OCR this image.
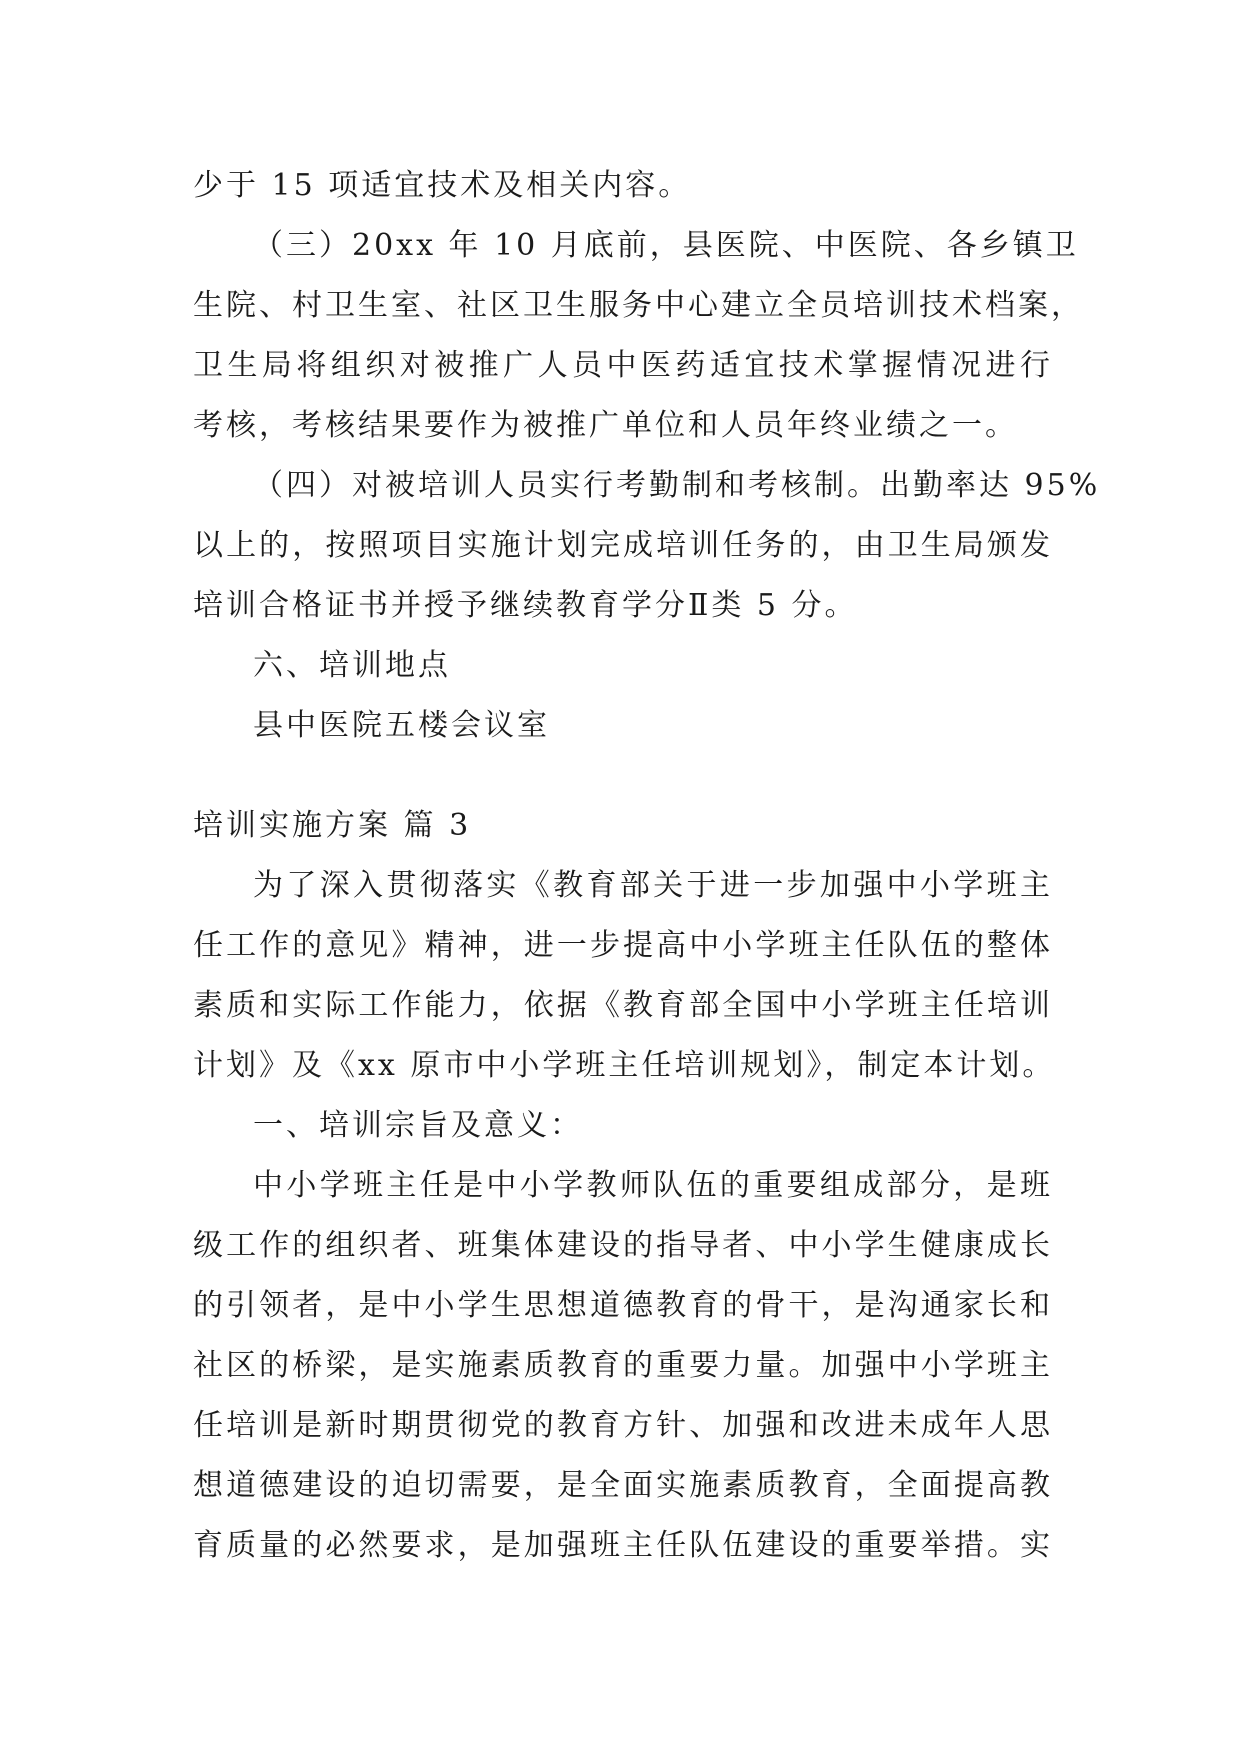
少于 15 项适宜技术及相关内容。
（三）20xx 年 10 月底前，县医院、中医院、各乡镇卫
生院、村卫生室、社区卫生服务中心建立全员培训技术档案，
卫生局将组织对被推广人员中医药适宜技术掌握情况进行
考核，考核结果要作为被推广单位和人员年终业绩之一。
（四）对被培训人员实行考勤制和考核制。出勤率达 95%
以上的，按照项目实施计划完成培训任务的，由卫生局颁发
培训合格证书并授予继续教育学分Ⅱ类 5 分。
六、培训地点
县中医院五楼会议室
培训实施方案 篇 3
为了深入贯彻落实《教育部关于进一步加强中小学班主
任工作的意见》精神，进一步提高中小学班主任队伍的整体
素质和实际工作能力，依据《教育部全国中小学班主任培训
计划》及《xx 原市中小学班主任培训规划》，制定本计划。
一、培训宗旨及意义：
中小学班主任是中小学教师队伍的重要组成部分，是班
级工作的组织者、班集体建设的指导者、中小学生健康成长
的引领者，是中小学生思想道德教育的骨干，是沟通家长和
社区的桥梁，是实施素质教育的重要力量。加强中小学班主
任培训是新时期贯彻党的教育方针、加强和改进未成年人思
想道德建设的迫切需要，是全面实施素质教育，全面提高教
育质量的必然要求，是加强班主任队伍建设的重要举措。实
